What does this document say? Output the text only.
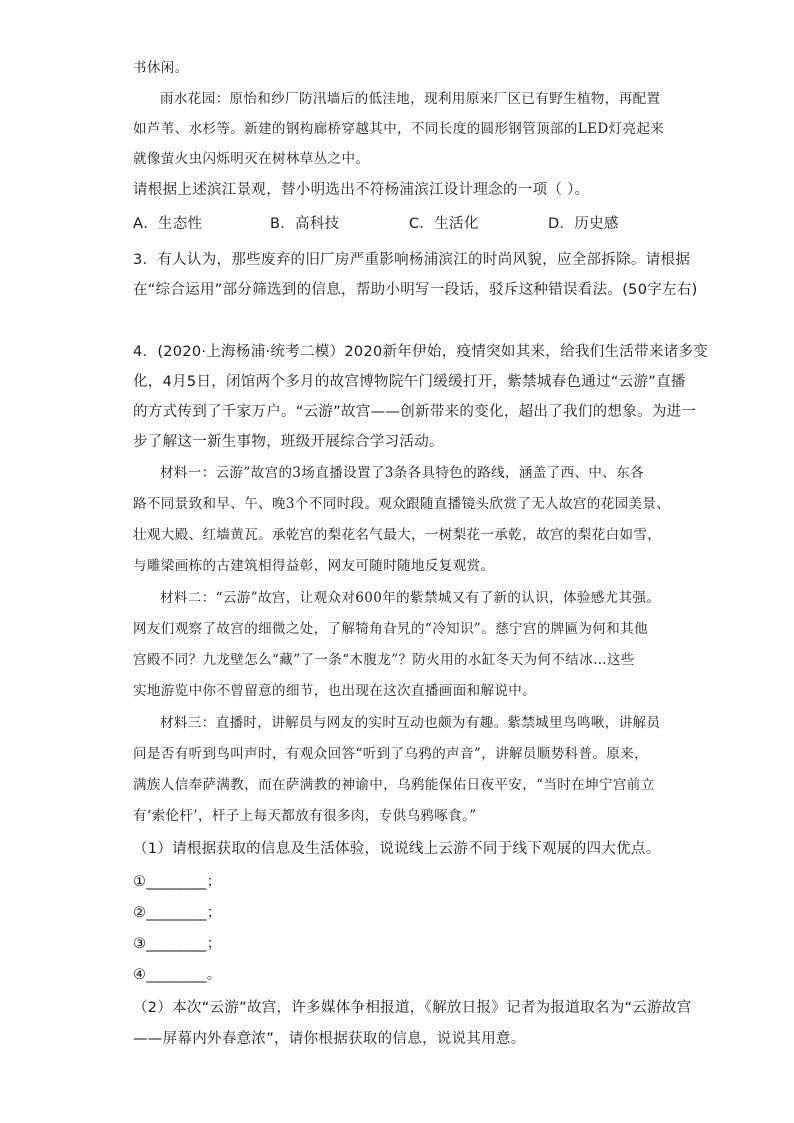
书休闲。

雨水花园：原怡和纱厂防汛墙后的低洼地，现利用原来厂区已有野生植物，再配置

如芦苇、水杉等。新建的钢构廊桥穿越其中，不同长度的圆形钢管顶部的LED灯亮起来

就像萤火虫闪烁明灭在树林草丛之中。

请根据上述滨江景观，替小明选出不符杨浦滨江设计理念的一项（ ）。

3．有人认为，那些废弃的旧厂房严重影响杨浦滨江的时尚风貌，应全部拆除。请根据

在“综合运用”部分筛选到的信息，帮助小明写一段话，驳斥这种错误看法。(50字左右)

4．(2020·上海杨浦·统考二模）2020新年伊始，疫情突如其来，给我们生活带来诸多变

化，4月5日，闭馆两个多月的故宫博物院午门缓缓打开，紫禁城春色通过“云游”直播

的方式传到了千家万户。“云游”故宫——创新带来的变化，超出了我们的想象。为进一

步了解这一新生事物，班级开展综合学习活动。

材料一：云游”故宫的3场直播设置了3条各具特色的路线，涵盖了西、中、东各

路不同景致和早、午、晚3个不同时段。观众跟随直播镜头欣赏了无人故宫的花园美景、

壮观大殿、红墙黄瓦。承乾宫的梨花名气最大，一树梨花一承乾，故宫的梨花白如雪，

与雕梁画栋的古建筑相得益彰，网友可随时随地反复观赏。

材料二：“云游”故宫，让观众对600年的紫禁城又有了新的认识，体验感尤其强。

网友们观察了故宫的细微之处，了解犄角旮旯的“冷知识”。慈宁宫的牌匾为何和其他

宫殿不同？九龙壁怎么“藏”了一条“木腹龙”？防火用的水缸冬天为何不结冰…这些

实地游览中你不曾留意的细节，也出现在这次直播画面和解说中。

材料三：直播时，讲解员与网友的实时互动也颇为有趣。紫禁城里鸟鸣啾，讲解员

问是否有听到鸟叫声时，有观众回答“听到了乌鸦的声音”，讲解员顺势科普。原来，

满族人信奉萨满教，而在萨满教的神谕中，乌鸦能保佑日夜平安，“当时在坤宁宫前立

有‘索伦杆’，杆子上每天都放有很多肉，专供乌鸦啄食。”

（1）请根据获取的信息及生活体验，说说线上云游不同于线下观展的四大优点。

①________；

②________；

③________；

④________。

（2）本次“云游”故宫，许多媒体争相报道，《解放日报》记者为报道取名为“云游故宫

——屏幕内外春意浓”，请你根据获取的信息，说说其用意。

A．生态性	B．高科技	C．生活化	D．历史感
